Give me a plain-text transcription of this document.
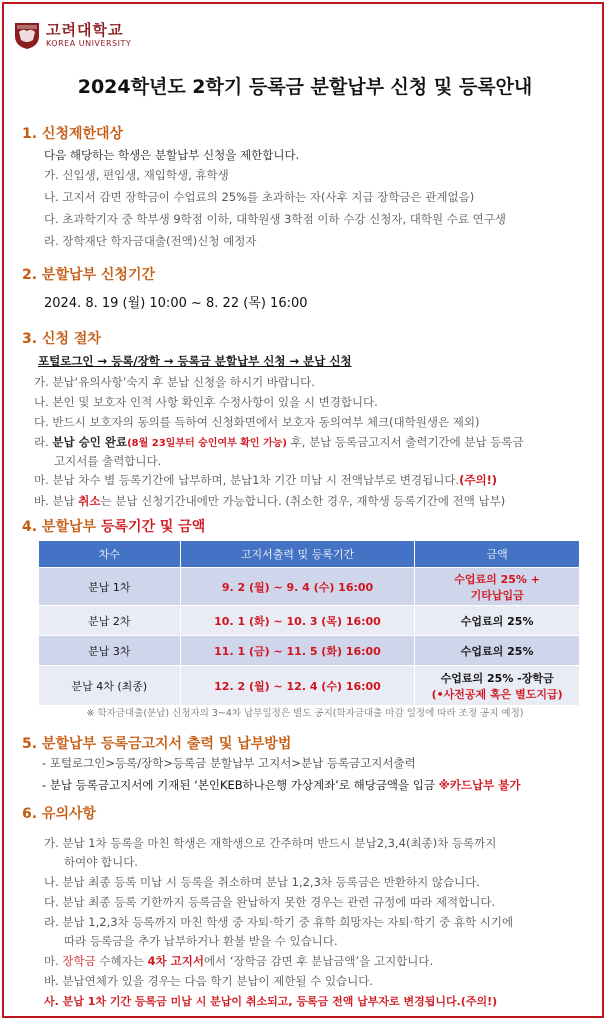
고려대학교
KOREA UNIVERSITY
2024학년도 2학기 등록금 분할납부 신청 및 등록안내
1. 신청제한대상
다음 해당하는 학생은 분할납부 신청을 제한합니다.
가. 신입생, 편입생, 재입학생, 휴학생
나. 고지서 감면 장학금이 수업료의 25%를 초과하는 자(사후 지급 장학금은 관계없음)
다. 초과학기자 중 학부생 9학점 이하, 대학원생 3학점 이하 수강 신청자, 대학원 수료 연구생
라. 장학재단 학자금대출(전액)신청 예정자
2. 분할납부 신청기간
2024. 8. 19 (월) 10:00 ~ 8. 22 (목) 16:00
3. 신청 절차
포털로그인 → 등록/장학 → 등록금 분할납부 신청 → 분납 신청
가. 분납‘유의사항’숙지 후 분납 신청을 하시기 바랍니다.
나. 본인 및 보호자 인적 사항 확인후 수정사항이 있을 시 변경합니다.
다. 반드시 보호자의 동의를 득하여 신청화면에서 보호자 동의여부 체크(대학원생은 제외)
라. 분납 승인 완료(8월 23일부터 승인여부 확인 가능) 후, 분납 등록금고지서 출력기간에 분납 등록금
고지서를 출력합니다.
마. 분납 차수 별 등록기간에 납부하며, 분납1차 기간 미납 시 전액납부로 변경됩니다.(주의!)
바. 분납 취소는 분납 신청기간내에만 가능합니다. (취소한 경우, 재학생 등록기간에 전액 납부)
4. 분할납부 등록기간 및 금액
차수	고지서출력 및 등록기간	금액
분납 1차	9. 2 (월) ~ 9. 4 (수) 16:00	수업료의 25% +
기타납입금

분납 2차	10. 1 (화) ~ 10. 3 (목) 16:00	수업료의 25%
분납 3차	11. 1 (금) ~ 11. 5 (화) 16:00	수업료의 25%
분납 4차 (최종)	12. 2 (월) ~ 12. 4 (수) 16:00	수업료의 25% -장학금
(•사전공제 혹은 별도지급)
※ 학자금대출(분납) 신청자의 3~4차 납부일정은 별도 공지(학자금대출 마감 일정에 따라 조정 공지 예정)
5. 분할납부 등록금고지서 출력 및 납부방법
- 포털로그인>등록/장학>등록금 분할납부 고지서>분납 등록금고지서출력
- 분납 등록금고지서에 기재된 ‘본인KEB하나은행 가상계좌’로 해당금액을 입금 ※카드납부 불가
6. 유의사항
가. 분납 1차 등록을 마친 학생은 재학생으로 간주하며 반드시 분납2,3,4(최종)차 등록까지
하여야 합니다.
나. 분납 최종 등록 미납 시 등록을 취소하며 분납 1,2,3차 등록금은 반환하지 않습니다.
다. 분납 최종 등록 기한까지 등록금을 완납하지 못한 경우는 관련 규정에 따라 제적합니다.
라. 분납 1,2,3차 등록까지 마친 학생 중 자퇴·학기 중 휴학 희망자는 자퇴·학기 중 휴학 시기에
따라 등록금을 추가 납부하거나 환불 받을 수 있습니다.
마. 장학금 수혜자는 4차 고지서에서 ‘장학금 감면 후 분납금액’을 고지합니다.
바. 분납연체가 있을 경우는 다음 학기 분납이 제한될 수 있습니다.
사. 분납 1차 기간 등록금 미납 시 분납이 취소되고, 등록금 전액 납부자로 변경됩니다.(주의!)
